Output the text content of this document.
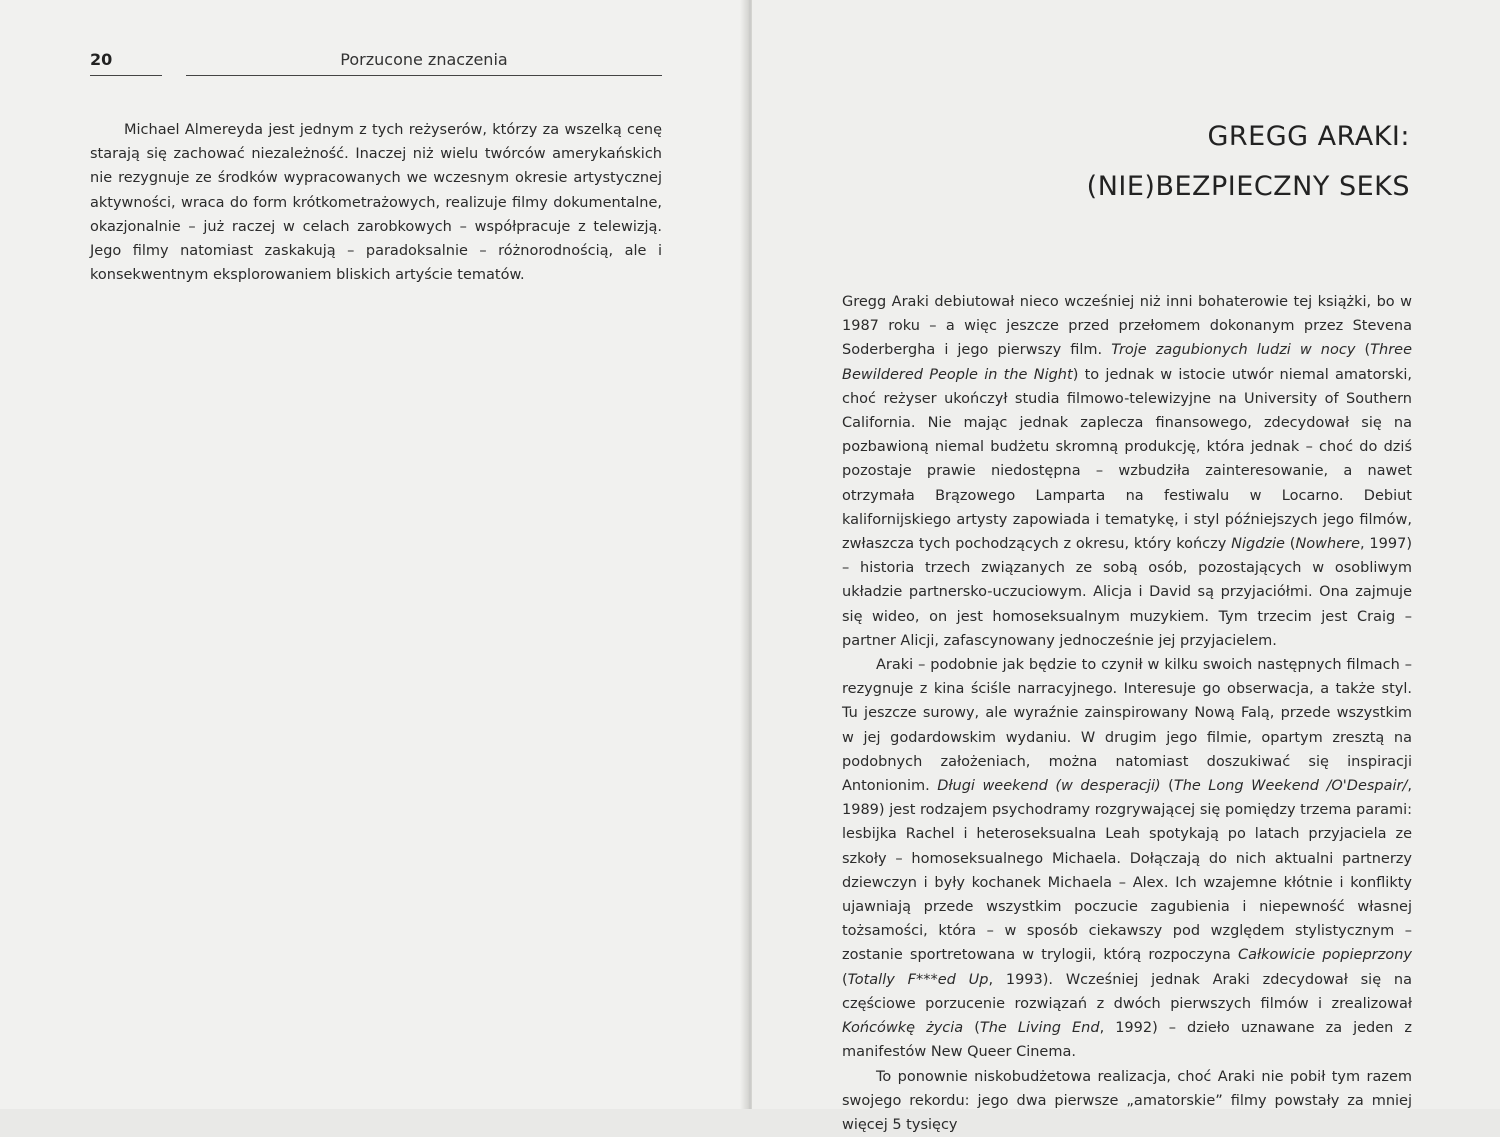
20	Porzucone znaczenia

Michael Almereyda jest jednym z tych reżyserów, którzy za wszelką cenę starają się zachować niezależność. Inaczej niż wielu twórców amerykańskich nie rezygnuje ze środków wypracowanych we wczesnym okresie artystycznej aktywności, wraca do form krótkometrażowych, realizuje filmy dokumentalne, okazjonalnie – już raczej w celach zarobkowych – współpracuje z telewizją. Jego filmy natomiast zaskakują – paradoksalnie – różnorodnością, ale i konsekwentnym eksplorowaniem bliskich artyście tematów.

GREGG ARAKI:
(NIE)BEZPIECZNY SEKS

Gregg Araki debiutował nieco wcześniej niż inni bohaterowie tej książki, bo w 1987 roku – a więc jeszcze przed przełomem dokonanym przez Stevena Soderbergha i jego pierwszy film. Troje zagubionych ludzi w nocy (Three Bewildered People in the Night) to jednak w istocie utwór niemal amatorski, choć reżyser ukończył studia filmowo-telewizyjne na University of Southern California. Nie mając jednak zaplecza finansowego, zdecydował się na pozbawioną niemal budżetu skromną produkcję, która jednak – choć do dziś pozostaje prawie niedostępna – wzbudziła zainteresowanie, a nawet otrzymała Brązowego Lamparta na festiwalu w Locarno. Debiut kalifornijskiego artysty zapowiada i tematykę, i styl późniejszych jego filmów, zwłaszcza tych pochodzących z okresu, który kończy Nigdzie (Nowhere, 1997) – historia trzech związanych ze sobą osób, pozostających w osobliwym układzie partnersko-uczuciowym. Alicja i David są przyjaciółmi. Ona zajmuje się wideo, on jest homoseksualnym muzykiem. Tym trzecim jest Craig – partner Alicji, zafascynowany jednocześnie jej przyjacielem.

Araki – podobnie jak będzie to czynił w kilku swoich następnych filmach – rezygnuje z kina ściśle narracyjnego. Interesuje go obserwacja, a także styl. Tu jeszcze surowy, ale wyraźnie zainspirowany Nową Falą, przede wszystkim w jej godardowskim wydaniu. W drugim jego filmie, opartym zresztą na podobnych założeniach, można natomiast doszukiwać się inspiracji Antonionim. Długi weekend (w desperacji) (The Long Weekend /O'Despair/, 1989) jest rodzajem psychodramy rozgrywającej się pomiędzy trzema parami: lesbijka Rachel i heteroseksualna Leah spotykają po latach przyjaciela ze szkoły – homoseksualnego Michaela. Dołączają do nich aktualni partnerzy dziewczyn i były kochanek Michaela – Alex. Ich wzajemne kłótnie i konflikty ujawniają przede wszystkim poczucie zagubienia i niepewność własnej tożsamości, która – w sposób ciekawszy pod względem stylistycznym – zostanie sportretowana w trylogii, którą rozpoczyna Całkowicie popieprzony (Totally F***ed Up, 1993). Wcześniej jednak Araki zdecydował się na częściowe porzucenie rozwiązań z dwóch pierwszych filmów i zrealizował Końcówkę życia (The Living End, 1992) – dzieło uznawane za jeden z manifestów New Queer Cinema.

To ponownie niskobudżetowa realizacja, choć Araki nie pobił tym razem swojego rekordu: jego dwa pierwsze „amatorskie” filmy powstały za mniej więcej 5 tysięcy
